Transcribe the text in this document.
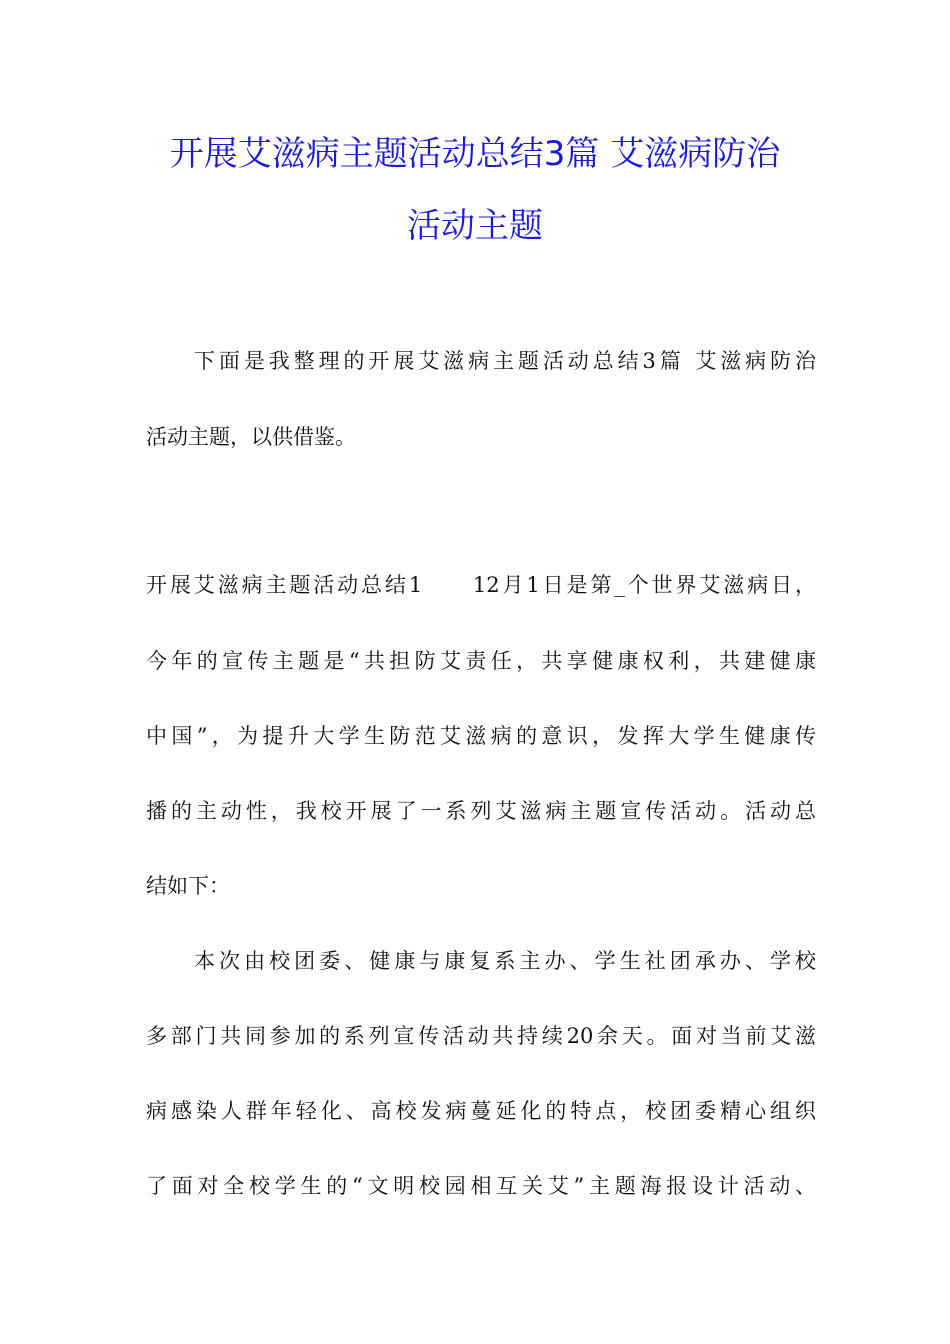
开展艾滋病主题活动总结3篇 艾滋病防治
活动主题
下面是我整理的开展艾滋病主题活动总结3篇 艾滋病防治
活动主题，以供借鉴。
开展艾滋病主题活动总结1　　12月1日是第_个世界艾滋病日，
今年的宣传主题是“共担防艾责任，共享健康权利，共建健康
中国”，为提升大学生防范艾滋病的意识，发挥大学生健康传
播的主动性，我校开展了一系列艾滋病主题宣传活动。活动总
结如下：
本次由校团委、健康与康复系主办、学生社团承办、学校
多部门共同参加的系列宣传活动共持续20余天。面对当前艾滋
病感染人群年轻化、高校发病蔓延化的特点，校团委精心组织
了面对全校学生的“文明校园相互关艾”主题海报设计活动、
